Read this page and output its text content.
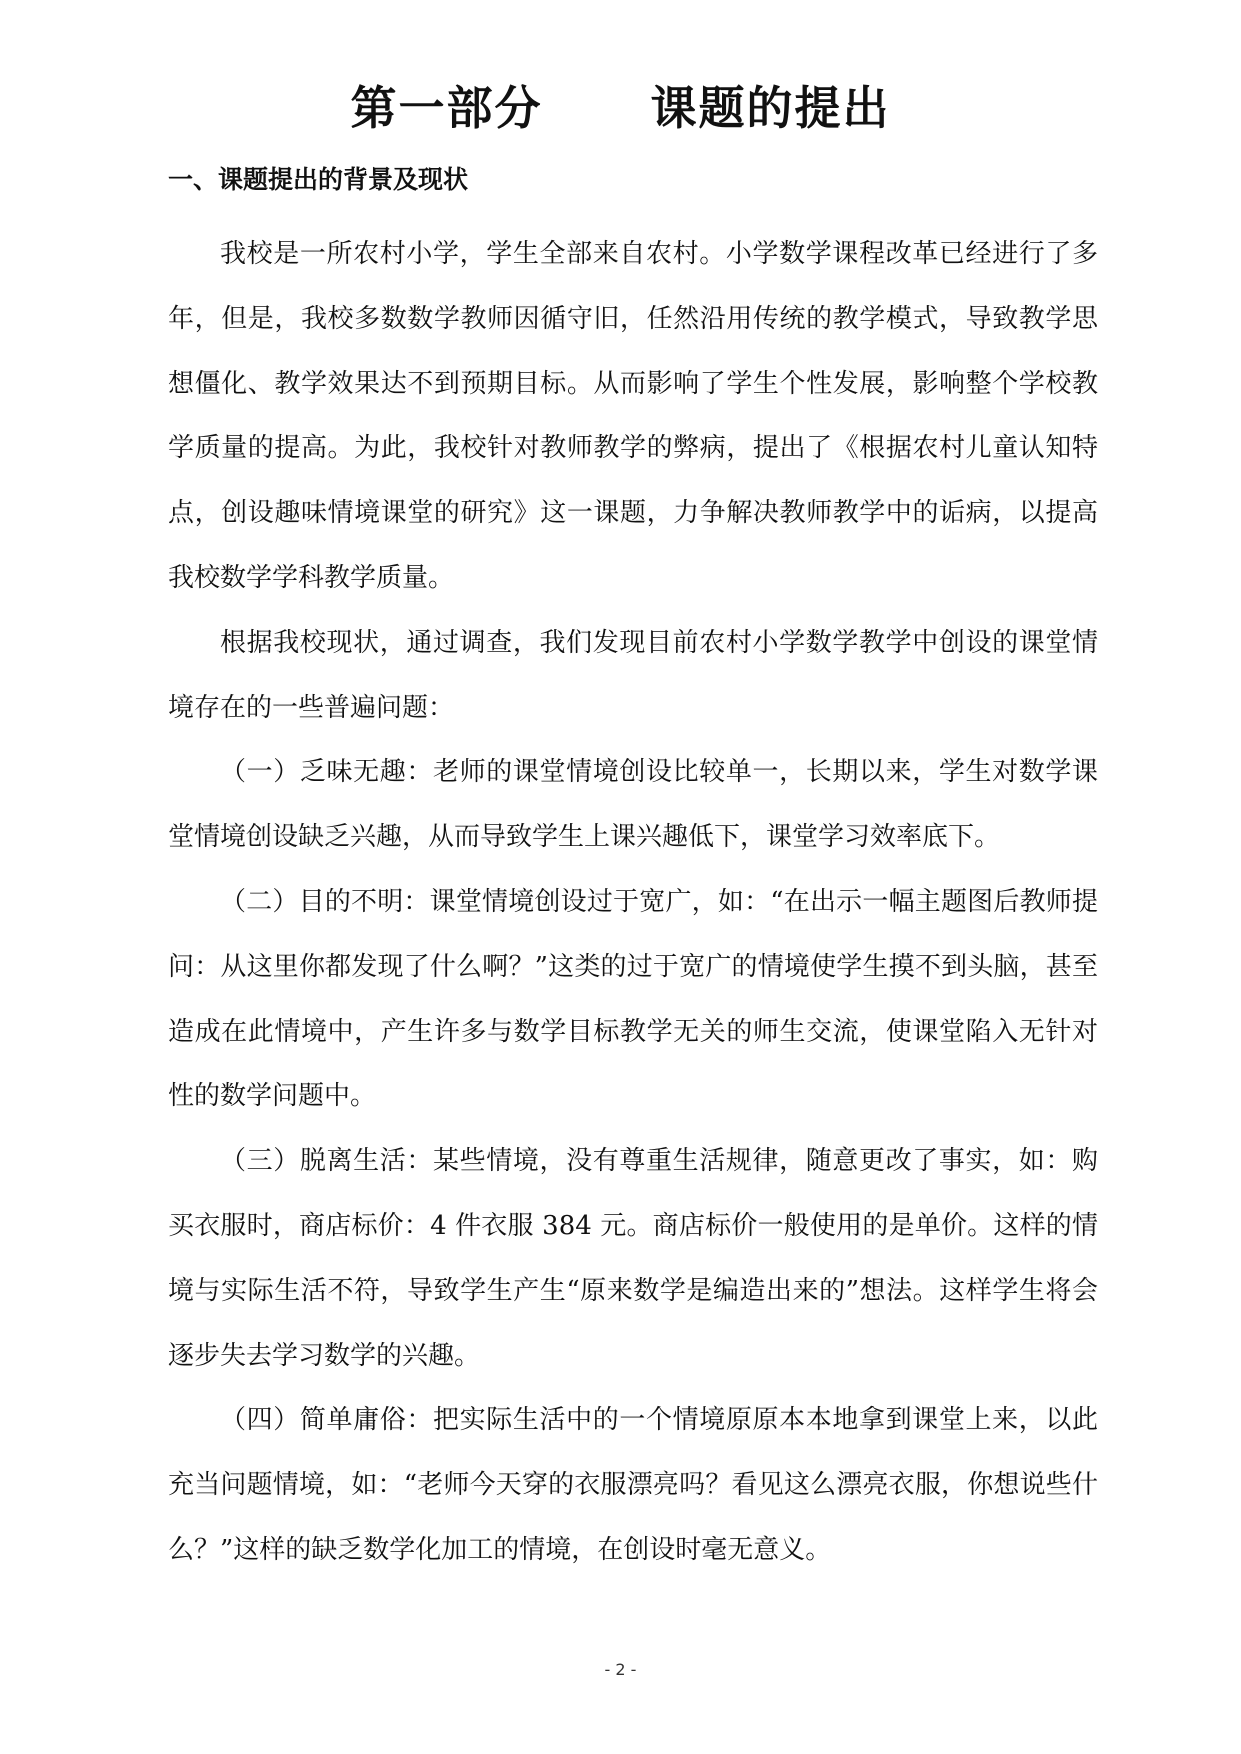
第一部分      课题的提出
一、课题提出的背景及现状

我校是一所农村小学，学生全部来自农村。小学数学课程改革已经进行了多年，但是，我校多数数学教师因循守旧，任然沿用传统的教学模式，导致教学思想僵化、教学效果达不到预期目标。从而影响了学生个性发展，影响整个学校教学质量的提高。为此，我校针对教师教学的弊病，提出了《根据农村儿童认知特点，创设趣味情境课堂的研究》这一课题，力争解决教师教学中的诟病，以提高我校数学学科教学质量。

根据我校现状，通过调查，我们发现目前农村小学数学教学中创设的课堂情境存在的一些普遍问题：

（一）乏味无趣：老师的课堂情境创设比较单一，长期以来，学生对数学课堂情境创设缺乏兴趣，从而导致学生上课兴趣低下，课堂学习效率底下。

（二）目的不明：课堂情境创设过于宽广，如：“在出示一幅主题图后教师提问：从这里你都发现了什么啊？”这类的过于宽广的情境使学生摸不到头脑，甚至造成在此情境中，产生许多与数学目标教学无关的师生交流，使课堂陷入无针对性的数学问题中。

（三）脱离生活：某些情境，没有尊重生活规律，随意更改了事实，如：购买衣服时，商店标价：4 件衣服 384 元。商店标价一般使用的是单价。这样的情境与实际生活不符，导致学生产生“原来数学是编造出来的”想法。这样学生将会逐步失去学习数学的兴趣。

（四）简单庸俗：把实际生活中的一个情境原原本本地拿到课堂上来，以此充当问题情境，如：“老师今天穿的衣服漂亮吗？看见这么漂亮衣服，你想说些什么？”这样的缺乏数学化加工的情境，在创设时毫无意义。

- 2 -
